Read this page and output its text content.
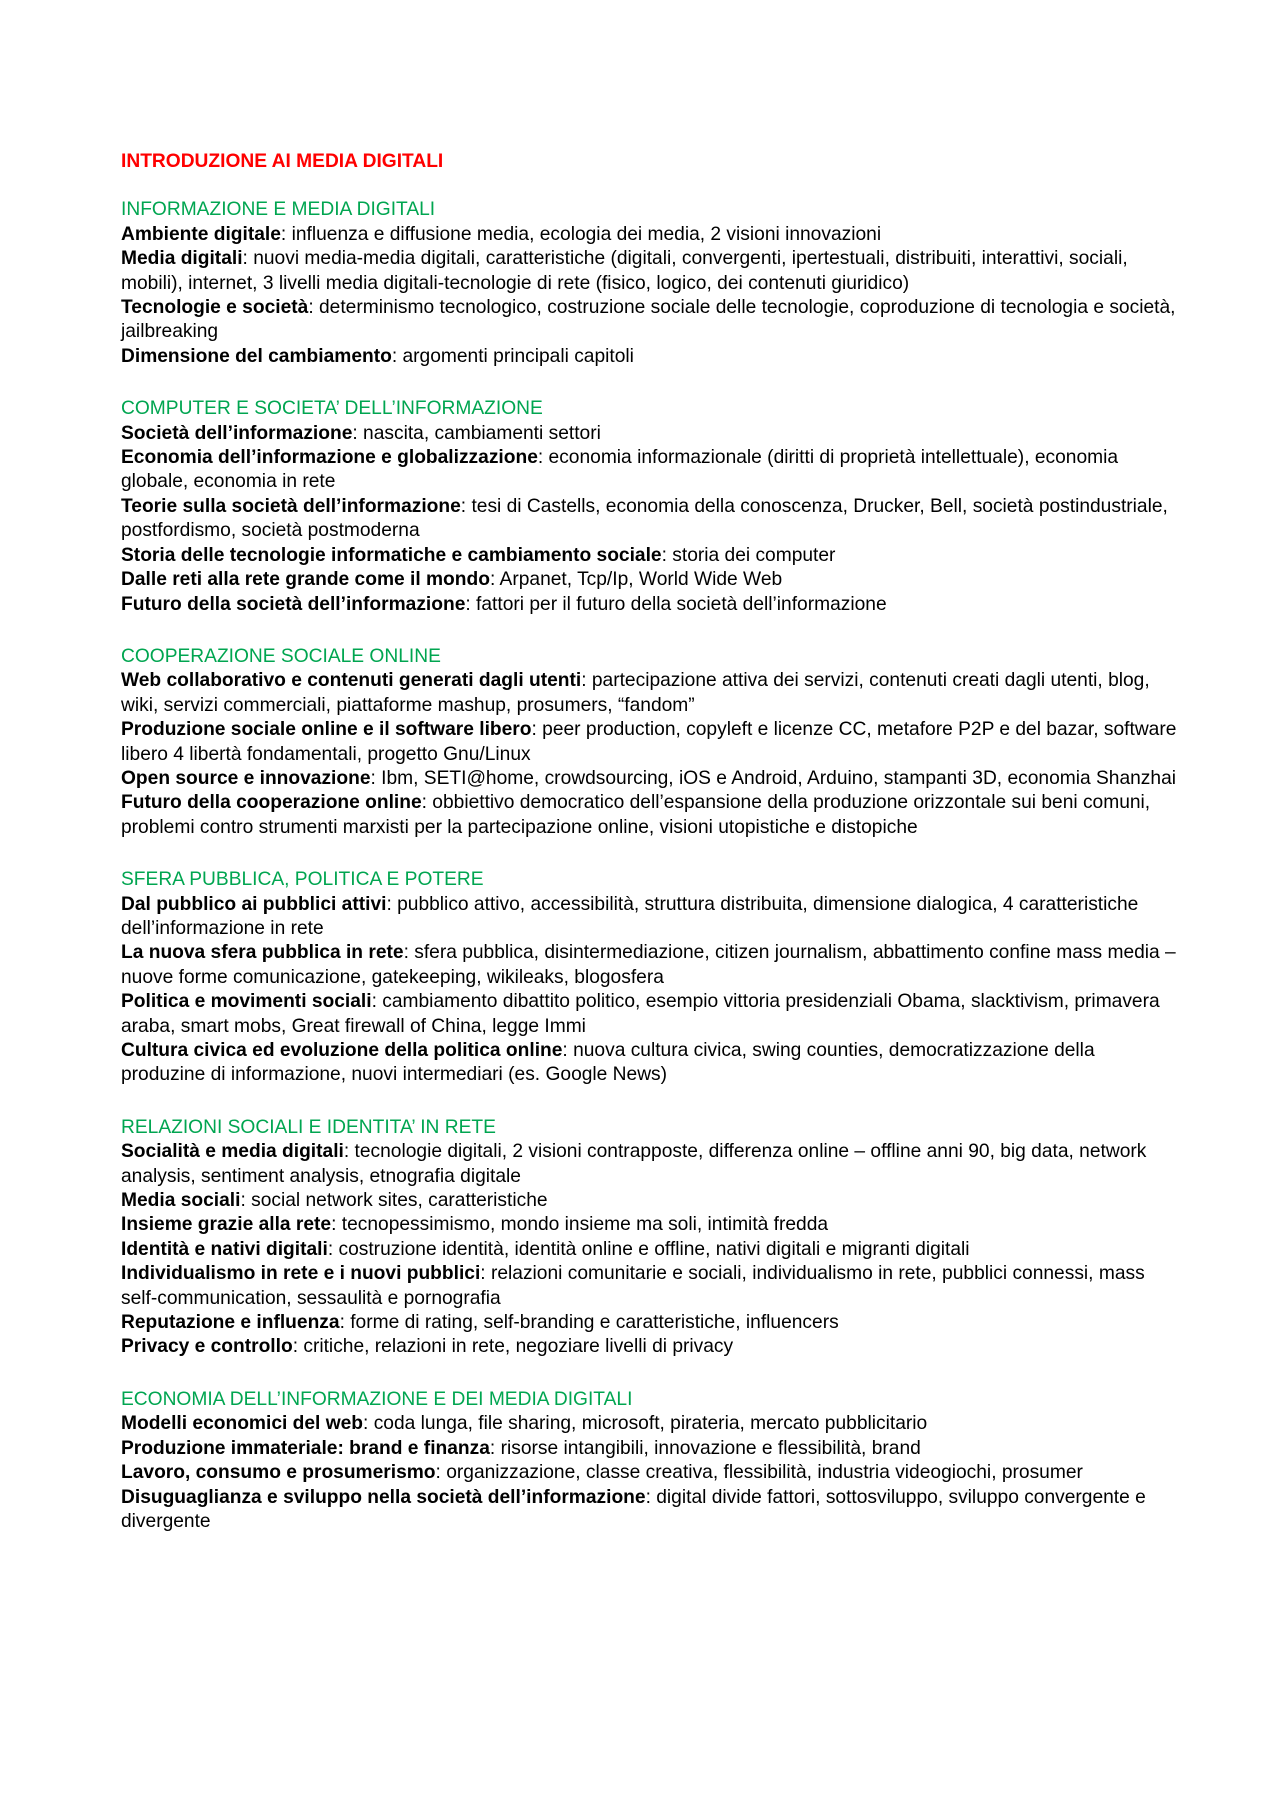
INTRODUZIONE AI MEDIA DIGITALI

INFORMAZIONE E MEDIA DIGITALI

Ambiente digitale: influenza e diffusione media, ecologia dei media, 2 visioni innovazioni

Media digitali: nuovi media-media digitali, caratteristiche (digitali, convergenti, ipertestuali, distribuiti, interattivi, sociali, mobili), internet, 3 livelli media digitali-tecnologie di rete (fisico, logico, dei contenuti giuridico)

Tecnologie e società: determinismo tecnologico, costruzione sociale delle tecnologie, coproduzione di tecnologia e società, jailbreaking

Dimensione del cambiamento: argomenti principali capitoli

COMPUTER E SOCIETA’ DELL’INFORMAZIONE

Società dell’informazione: nascita, cambiamenti settori

Economia dell’informazione e globalizzazione: economia informazionale (diritti di proprietà intellettuale), economia globale, economia in rete

Teorie sulla società dell’informazione: tesi di Castells, economia della conoscenza, Drucker, Bell, società postindustriale, postfordismo, società postmoderna

Storia delle tecnologie informatiche e cambiamento sociale: storia dei computer

Dalle reti alla rete grande come il mondo: Arpanet, Tcp/Ip, World Wide Web

Futuro della società dell’informazione: fattori per il futuro della società dell’informazione

COOPERAZIONE SOCIALE ONLINE

Web collaborativo e contenuti generati dagli utenti: partecipazione attiva dei servizi, contenuti creati dagli utenti, blog, wiki, servizi commerciali, piattaforme mashup, prosumers, “fandom”

Produzione sociale online e il software libero: peer production, copyleft e licenze CC, metafore P2P e del bazar, software libero 4 libertà fondamentali, progetto Gnu/Linux

Open source e innovazione: Ibm, SETI@home, crowdsourcing, iOS e Android, Arduino, stampanti 3D, economia Shanzhai

Futuro della cooperazione online: obbiettivo democratico dell’espansione della produzione orizzontale sui beni comuni, problemi contro strumenti marxisti per la partecipazione online, visioni utopistiche e distopiche

SFERA PUBBLICA, POLITICA E POTERE

Dal pubblico ai pubblici attivi: pubblico attivo, accessibilità, struttura distribuita, dimensione dialogica, 4 caratteristiche dell’informazione in rete

La nuova sfera pubblica in rete: sfera pubblica, disintermediazione, citizen journalism, abbattimento confine mass media – nuove forme comunicazione, gatekeeping, wikileaks, blogosfera

Politica e movimenti sociali: cambiamento dibattito politico, esempio vittoria presidenziali Obama, slacktivism, primavera araba, smart mobs, Great firewall of China, legge Immi

Cultura civica ed evoluzione della politica online: nuova cultura civica, swing counties, democratizzazione della produzine di informazione, nuovi intermediari (es. Google News)

RELAZIONI SOCIALI E IDENTITA’ IN RETE

Socialità e media digitali: tecnologie digitali, 2 visioni contrapposte, differenza online – offline anni 90, big data, network analysis, sentiment analysis, etnografia digitale

Media sociali: social network sites, caratteristiche

Insieme grazie alla rete: tecnopessimismo, mondo insieme ma soli, intimità fredda

Identità e nativi digitali: costruzione identità, identità online e offline, nativi digitali e migranti digitali

Individualismo in rete e i nuovi pubblici: relazioni comunitarie e sociali, individualismo in rete, pubblici connessi, mass self-communication, sessaulità e pornografia

Reputazione e influenza: forme di rating, self-branding e caratteristiche, influencers

Privacy e controllo: critiche, relazioni in rete, negoziare livelli di privacy

ECONOMIA DELL’INFORMAZIONE E DEI MEDIA DIGITALI

Modelli economici del web: coda lunga, file sharing, microsoft, pirateria, mercato pubblicitario

Produzione immateriale: brand e finanza: risorse intangibili, innovazione e flessibilità, brand

Lavoro, consumo e prosumerismo: organizzazione, classe creativa, flessibilità, industria videogiochi, prosumer

Disuguaglianza e sviluppo nella società dell’informazione: digital divide fattori, sottosviluppo, sviluppo convergente e divergente
